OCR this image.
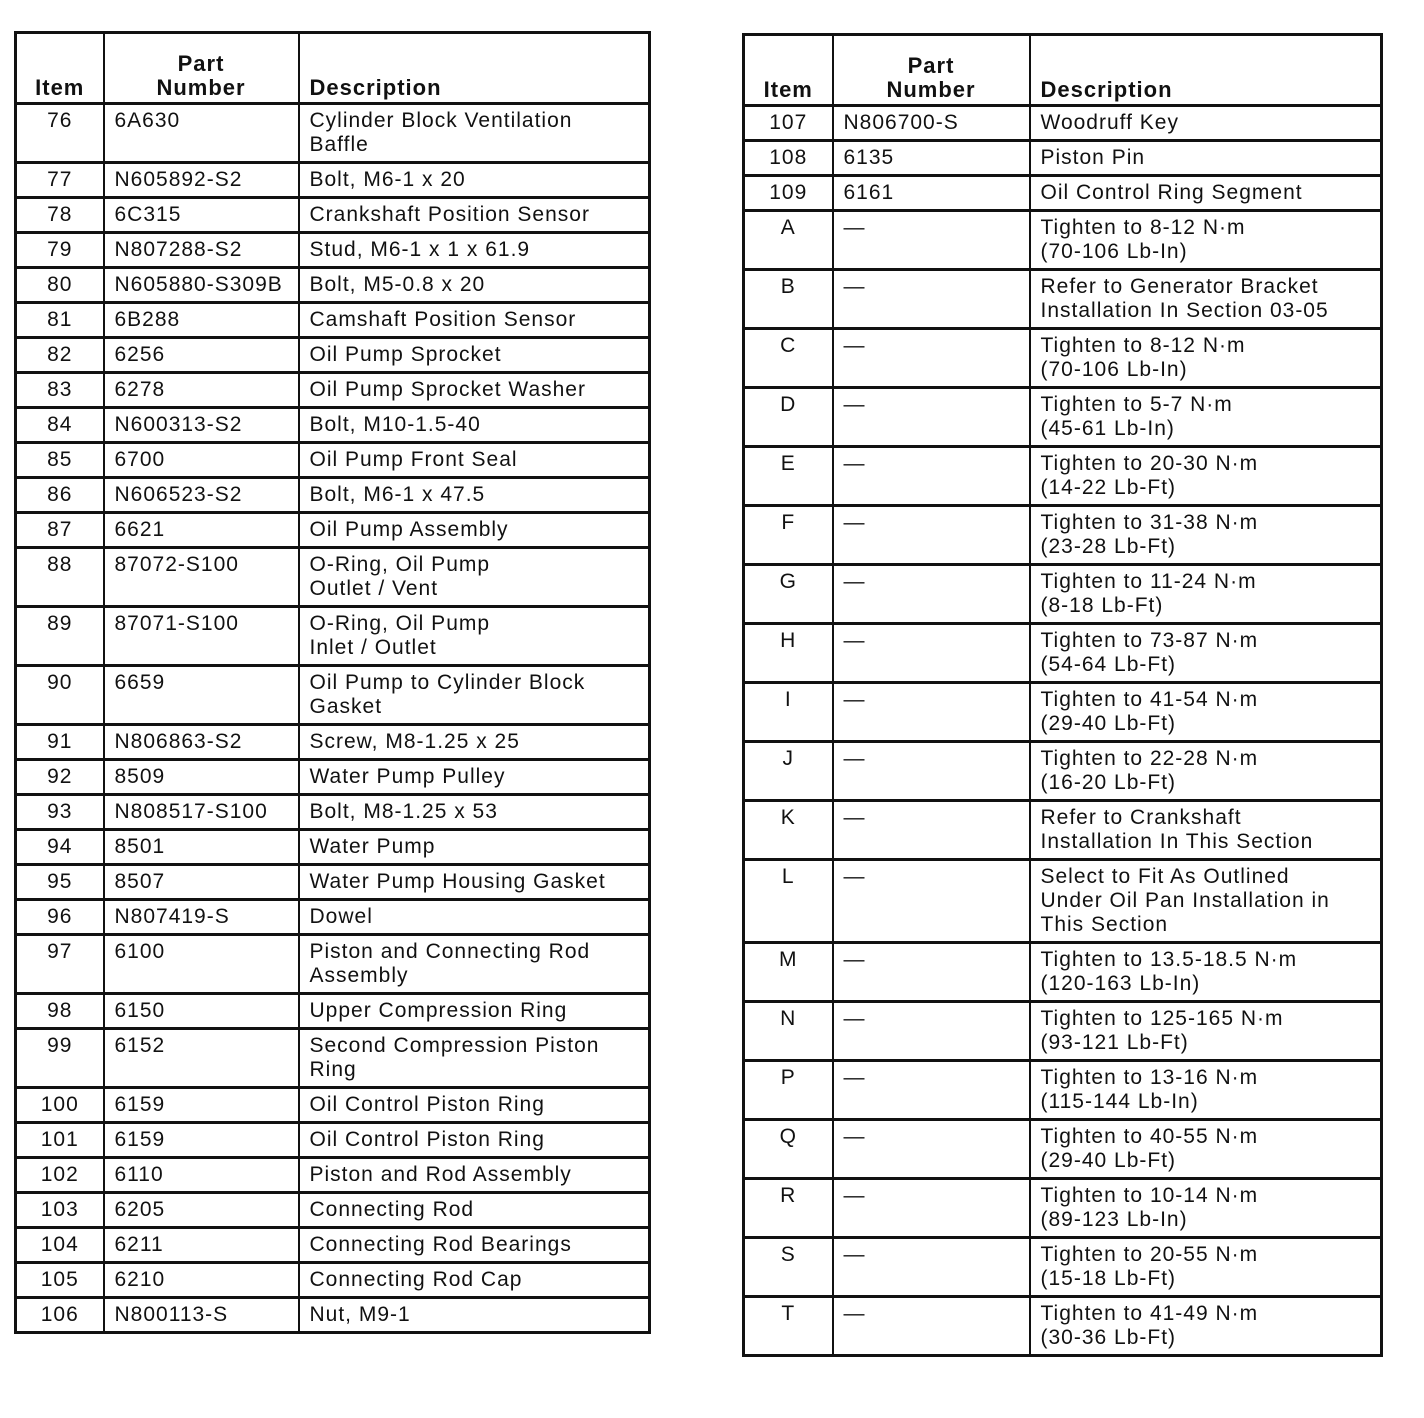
Item	Part
Number	Description
76	6A630	Cylinder Block Ventilation
Baffle
77	N605892-S2	Bolt, M6-1 x 20
78	6C315	Crankshaft Position Sensor
79	N807288-S2	Stud, M6-1 x 1 x 61.9
80	N605880-S309B	Bolt, M5-0.8 x 20
81	6B288	Camshaft Position Sensor
82	6256	Oil Pump Sprocket
83	6278	Oil Pump Sprocket Washer
84	N600313-S2	Bolt, M10-1.5-40
85	6700	Oil Pump Front Seal
86	N606523-S2	Bolt, M6-1 x 47.5
87	6621	Oil Pump Assembly
88	87072-S100	O-Ring, Oil Pump
Outlet / Vent
89	87071-S100	O-Ring, Oil Pump
Inlet / Outlet
90	6659	Oil Pump to Cylinder Block
Gasket
91	N806863-S2	Screw, M8-1.25 x 25
92	8509	Water Pump Pulley
93	N808517-S100	Bolt, M8-1.25 x 53
94	8501	Water Pump
95	8507	Water Pump Housing Gasket
96	N807419-S	Dowel
97	6100	Piston and Connecting Rod
Assembly
98	6150	Upper Compression Ring
99	6152	Second Compression Piston
Ring
100	6159	Oil Control Piston Ring
101	6159	Oil Control Piston Ring
102	6110	Piston and Rod Assembly
103	6205	Connecting Rod
104	6211	Connecting Rod Bearings
105	6210	Connecting Rod Cap
106	N800113-S	Nut, M9-1
Item	Part
Number	Description
107	N806700-S	Woodruff Key
108	6135	Piston Pin
109	6161	Oil Control Ring Segment
A	—	Tighten to 8-12 N·m
(70-106 Lb-In)
B	—	Refer to Generator Bracket
Installation In Section 03-05
C	—	Tighten to 8-12 N·m
(70-106 Lb-In)
D	—	Tighten to 5-7 N·m
(45-61 Lb-In)
E	—	Tighten to 20-30 N·m
(14-22 Lb-Ft)
F	—	Tighten to 31-38 N·m
(23-28 Lb-Ft)
G	—	Tighten to 11-24 N·m
(8-18 Lb-Ft)
H	—	Tighten to 73-87 N·m
(54-64 Lb-Ft)
I	—	Tighten to 41-54 N·m
(29-40 Lb-Ft)
J	—	Tighten to 22-28 N·m
(16-20 Lb-Ft)
K	—	Refer to Crankshaft
Installation In This Section
L	—	Select to Fit As Outlined
Under Oil Pan Installation in
This Section
M	—	Tighten to 13.5-18.5 N·m
(120-163 Lb-In)
N	—	Tighten to 125-165 N·m
(93-121 Lb-Ft)
P	—	Tighten to 13-16 N·m
(115-144 Lb-In)
Q	—	Tighten to 40-55 N·m
(29-40 Lb-Ft)
R	—	Tighten to 10-14 N·m
(89-123 Lb-In)
S	—	Tighten to 20-55 N·m
(15-18 Lb-Ft)
T	—	Tighten to 41-49 N·m
(30-36 Lb-Ft)
